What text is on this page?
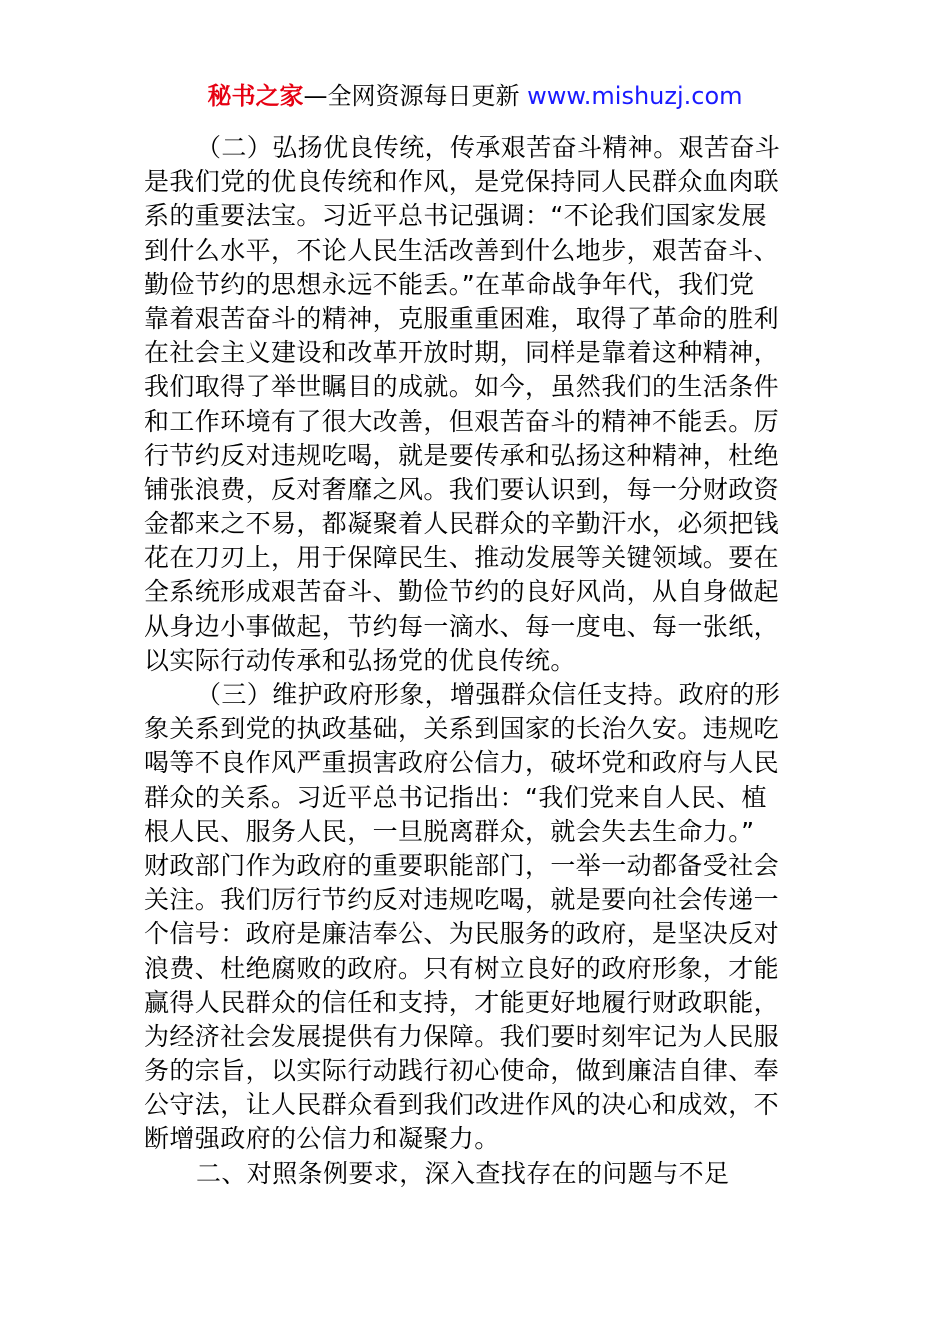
秘书之家—全网资源每日更新 www.mishuzj.com
（二）弘扬优良传统，传承艰苦奋斗精神。艰苦奋斗
是我们党的优良传统和作风，是党保持同人民群众血肉联
系的重要法宝。习近平总书记强调：“不论我们国家发展
到什么水平，不论人民生活改善到什么地步，艰苦奋斗、
勤俭节约的思想永远不能丢。”在革命战争年代，我们党
靠着艰苦奋斗的精神，克服重重困难，取得了革命的胜利
在社会主义建设和改革开放时期，同样是靠着这种精神，
我们取得了举世瞩目的成就。如今，虽然我们的生活条件
和工作环境有了很大改善，但艰苦奋斗的精神不能丢。厉
行节约反对违规吃喝，就是要传承和弘扬这种精神，杜绝
铺张浪费，反对奢靡之风。我们要认识到，每一分财政资
金都来之不易，都凝聚着人民群众的辛勤汗水，必须把钱
花在刀刃上，用于保障民生、推动发展等关键领域。要在
全系统形成艰苦奋斗、勤俭节约的良好风尚，从自身做起
从身边小事做起，节约每一滴水、每一度电、每一张纸，
以实际行动传承和弘扬党的优良传统。
（三）维护政府形象，增强群众信任支持。政府的形
象关系到党的执政基础，关系到国家的长治久安。违规吃
喝等不良作风严重损害政府公信力，破坏党和政府与人民
群众的关系。习近平总书记指出：“我们党来自人民、植
根人民、服务人民，一旦脱离群众，就会失去生命力。”
财政部门作为政府的重要职能部门，一举一动都备受社会
关注。我们厉行节约反对违规吃喝，就是要向社会传递一
个信号：政府是廉洁奉公、为民服务的政府，是坚决反对
浪费、杜绝腐败的政府。只有树立良好的政府形象，才能
赢得人民群众的信任和支持，才能更好地履行财政职能，
为经济社会发展提供有力保障。我们要时刻牢记为人民服
务的宗旨，以实际行动践行初心使命，做到廉洁自律、奉
公守法，让人民群众看到我们改进作风的决心和成效，不
断增强政府的公信力和凝聚力。
二、对照条例要求，深入查找存在的问题与不足
